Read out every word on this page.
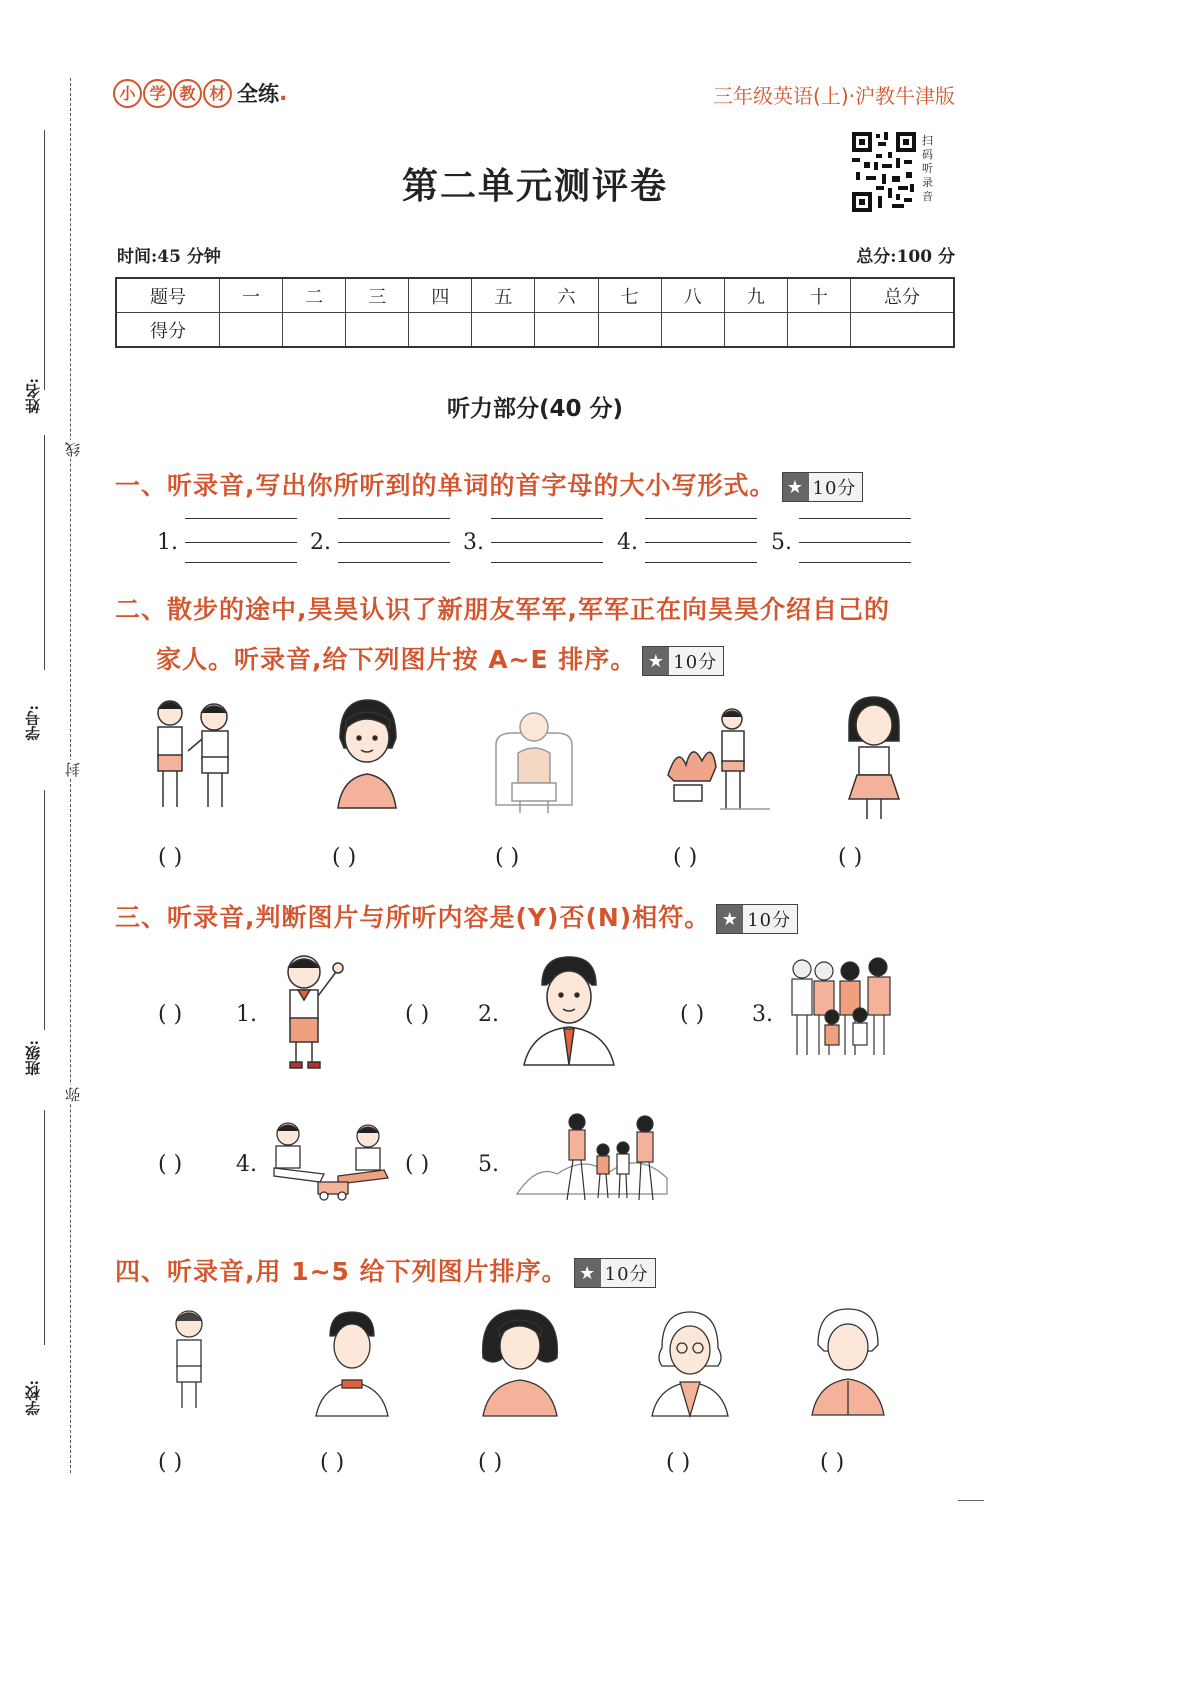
姓名:
学号:
班级:
学校:
线
封
弥
小 学 教 材 全练 .	三年级英语(上)·沪教牛津版
第二单元测评卷
扫
码
听
录
音
时间:45 分钟	总分:100 分
题号	一	二	三	四	五	六	七	八	九	十	总分
得分											
听力部分(40 分)
一、听录音,写出你所听到的单词的首字母的大小写形式。 ★ 10分
1.	2.	3.	4.	5.
二、散步的途中,昊昊认识了新朋友军军,军军正在向昊昊介绍自己的
家人。听录音,给下列图片按 A~E 排序。 ★ 10分
( )	( )	( )	( )	( )
三、听录音,判断图片与所听内容是(Y)否(N)相符。 ★ 10分
( ) 1.	( ) 2.	( ) 3.
( ) 4.	( ) 5.
四、听录音,用 1~5 给下列图片排序。 ★ 10分
( )	( )	( )	( )	( )
